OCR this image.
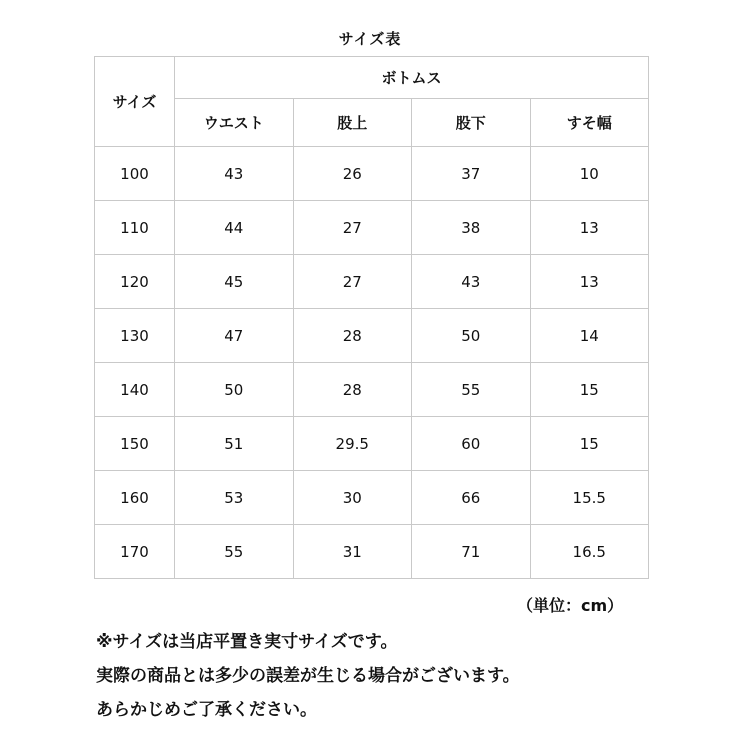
サイズ表
サイズ	ボトムス			
	ウエスト	股上	股下	すそ幅
100	43	26	37	10
110	44	27	38	13
120	45	27	43	13
130	47	28	50	14
140	50	28	55	15
150	51	29.5	60	15
160	53	30	66	15.5
170	55	31	71	16.5
（単位：cm）
※サイズは当店平置き実寸サイズです。
実際の商品とは多少の誤差が生じる場合がございます。
あらかじめご了承ください。
